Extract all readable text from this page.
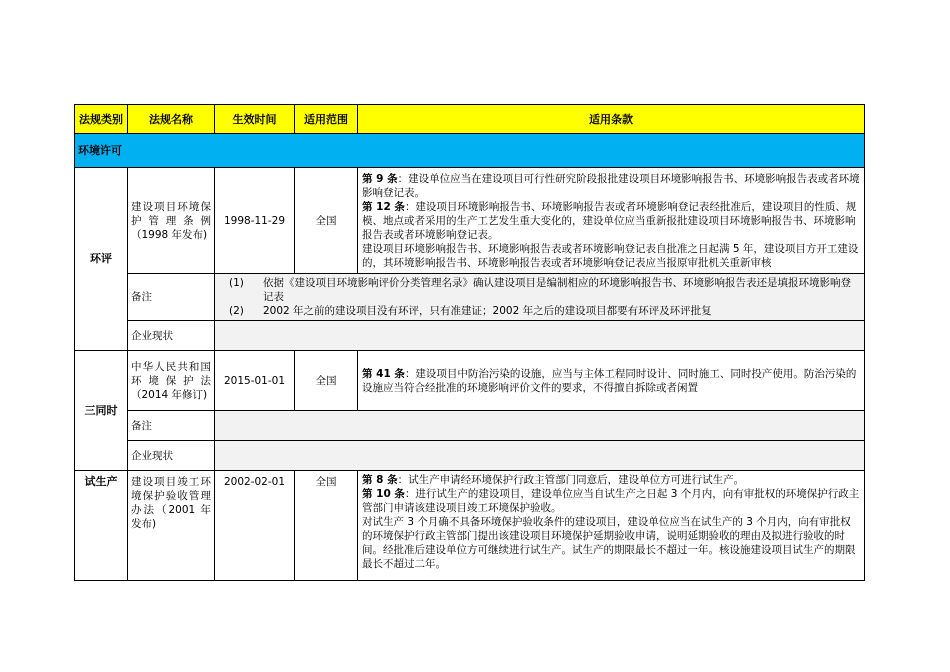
法规类别	法规名称	生效时间	适用范围	适用条款
环境许可				
环评	建设项目环境保护管理条例（1998 年发布)	1998-11-29	全国	第 9 条：建设单位应当在建设项目可行性研究阶段报批建设项目环境影响报告书、环境影响报告表或者环境影响登记表。

第 12 条：建设项目环境影响报告书、环境影响报告表或者环境影响登记表经批准后，建设项目的性质、规模、地点或者采用的生产工艺发生重大变化的，建设单位应当重新报批建设项目环境影响报告书、环境影响报告表或者环境影响登记表。

建设项目环境影响报告书、环境影响报告表或者环境影响登记表自批准之日起满 5 年，建设项目方开工建设的，其环境影响报告书、环境影响报告表或者环境影响登记表应当报原审批机关重新审核

	备注	(1) 依据《建设项目环境影响评价分类管理名录》确认建设项目是编制相应的环境影响报告书、环境影响报告表还是填报环境影响登记表
(2) 2002 年之前的建设项目没有环评，只有准建证；2002 年之后的建设项目都要有环评及环评批复		

	企业现状			
三同时	中华人民共和国环境保护法（2014 年修订)	2015-01-01	全国	第 41 条：建设项目中防治污染的设施，应当与主体工程同时设计、同时施工、同时投产使用。防治污染的设施应当符合经批准的环境影响评价文件的要求，不得擅自拆除或者闲置

	备注			
	企业现状			
试生产	建设项目竣工环境保护验收管理办法（2001 年发布)	2002-02-01	全国	第 8 条：试生产申请经环境保护行政主管部门同意后，建设单位方可进行试生产。

第 10 条：进行试生产的建设项目，建设单位应当自试生产之日起 3 个月内，向有审批权的环境保护行政主管部门申请该建设项目竣工环境保护验收。

对试生产 3 个月确不具备环境保护验收条件的建设项目，建设单位应当在试生产的 3 个月内，向有审批权的环境保护行政主管部门提出该建设项目环境保护延期验收申请，说明延期验收的理由及拟进行验收的时间。经批准后建设单位方可继续进行试生产。试生产的期限最长不超过一年。核设施建设项目试生产的期限最长不超过二年。
